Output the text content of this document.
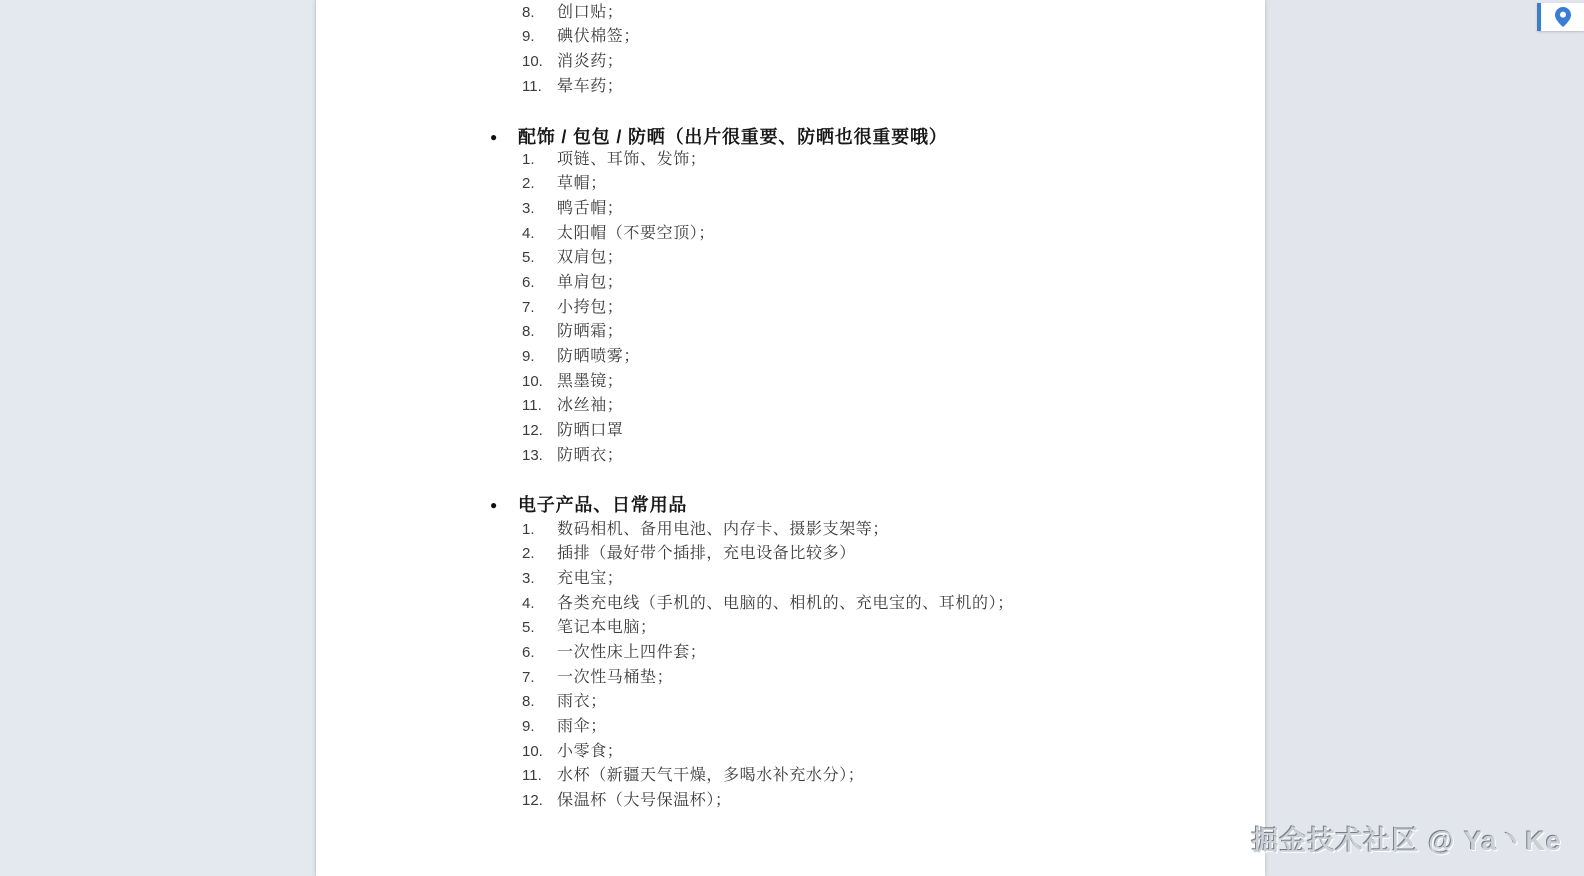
8. 创口贴；
9. 碘伏棉签；
10. 消炎药；
11. 晕车药；
● 配饰 / 包包 / 防晒（出片很重要、防晒也很重要哦）
1. 项链、耳饰、发饰；
2. 草帽；
3. 鸭舌帽；
4. 太阳帽（不要空顶）；
5. 双肩包；
6. 单肩包；
7. 小挎包；
8. 防晒霜；
9. 防晒喷雾；
10. 黑墨镜；
11. 冰丝袖；
12. 防晒口罩
13. 防晒衣；
● 电子产品、日常用品
1. 数码相机、备用电池、内存卡、摄影支架等；
2. 插排（最好带个插排，充电设备比较多）
3. 充电宝；
4. 各类充电线（手机的、电脑的、相机的、充电宝的、耳机的）；
5. 笔记本电脑；
6. 一次性床上四件套；
7. 一次性马桶垫；
8. 雨衣；
9. 雨伞；
10. 小零食；
11. 水杯（新疆天气干燥，多喝水补充水分）；
12. 保温杯（大号保温杯）；
掘金技术社区 @ Ya丶Ke
